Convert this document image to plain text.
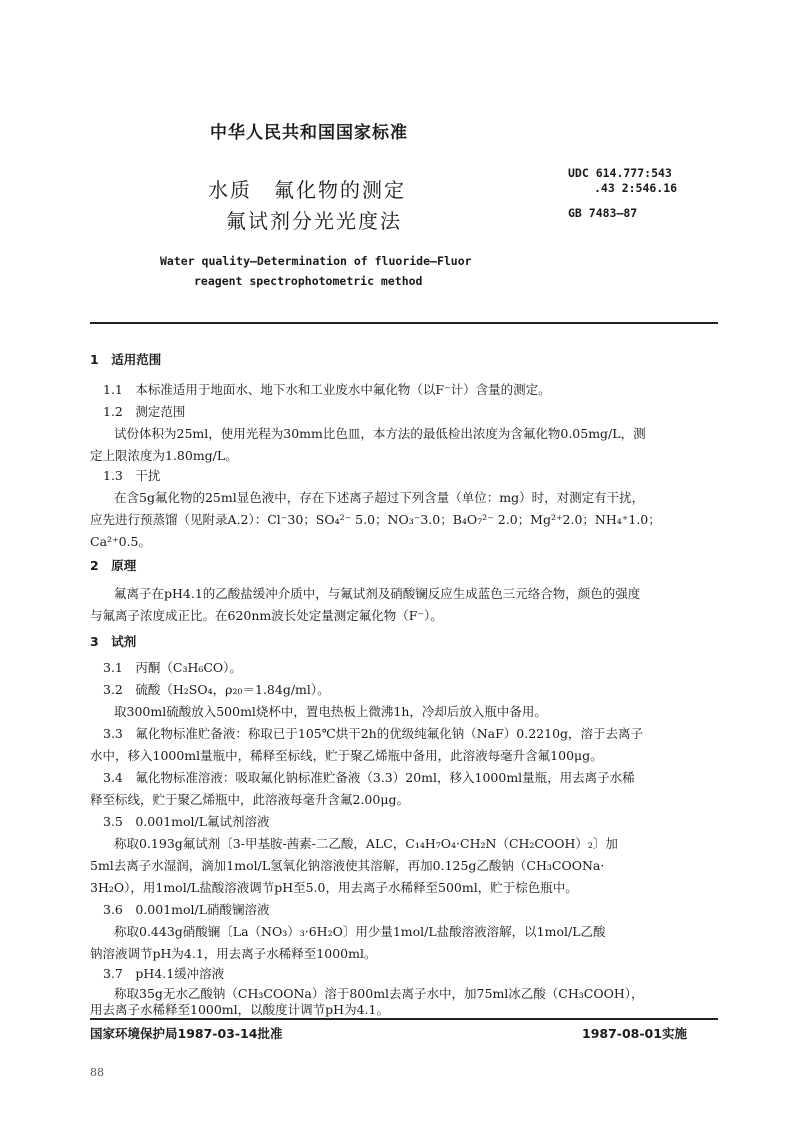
中华人民共和国国家标准
水质　氟化物的测定
氟试剂分光光度法
UDC 614.777:543
.43 2:546.16
GB 7483—87
Water quality—Determination of fluoride—Fluor
reagent spectrophotometric method
1　适用范围
1.1　本标准适用于地面水、地下水和工业废水中氟化物（以F⁻计）含量的测定。
1.2　测定范围
试份体积为25ml，使用光程为30mm比色皿，本方法的最低检出浓度为含氟化物0.05mg/L，测
定上限浓度为1.80mg/L。
1.3　干扰
在含5g氟化物的25ml显色液中，存在下述离子超过下列含量（单位：mg）时，对测定有干扰，
应先进行预蒸馏（见附录A.2）：Cl⁻30；SO₄²⁻ 5.0；NO₃⁻3.0；B₄O₇²⁻ 2.0；Mg²⁺2.0；NH₄⁺1.0；
Ca²⁺0.5。
2　原理
氟离子在pH4.1的乙酸盐缓冲介质中，与氟试剂及硝酸镧反应生成蓝色三元络合物，颜色的强度
与氟离子浓度成正比。在620nm波长处定量测定氟化物（F⁻）。
3　试剂
3.1　丙酮（C₃H₆CO）。
3.2　硫酸（H₂SO₄，ρ₂₀＝1.84g/ml）。
取300ml硫酸放入500ml烧杯中，置电热板上微沸1h，冷却后放入瓶中备用。
3.3　氟化物标准贮备液：称取已于105℃烘干2h的优级纯氟化钠（NaF）0.2210g，溶于去离子
水中，移入1000ml量瓶中，稀释至标线，贮于聚乙烯瓶中备用，此溶液每毫升含氟100μg。
3.4　氟化物标准溶液：吸取氟化钠标准贮备液（3.3）20ml，移入1000ml量瓶，用去离子水稀
释至标线，贮于聚乙烯瓶中，此溶液每毫升含氟2.00μg。
3.5　0.001mol/L氟试剂溶液
称取0.193g氟试剂〔3-甲基胺-茜素-二乙酸，ALC，C₁₄H₇O₄·CH₂N（CH₂COOH）₂〕加
5ml去离子水湿润，滴加1mol/L氢氧化钠溶液使其溶解，再加0.125g乙酸钠（CH₃COONa·
3H₂O），用1mol/L盐酸溶液调节pH至5.0，用去离子水稀释至500ml，贮于棕色瓶中。
3.6　0.001mol/L硝酸镧溶液
称取0.443g硝酸镧〔La（NO₃）₃·6H₂O〕用少量1mol/L盐酸溶液溶解，以1mol/L乙酸
钠溶液调节pH为4.1，用去离子水稀释至1000ml。
3.7　pH4.1缓冲溶液
称取35g无水乙酸钠（CH₃COONa）溶于800ml去离子水中，加75ml冰乙酸（CH₃COOH），
国家环境保护局1987-03-14批准	1987-08-01实施
88
用去离子水稀释至1000ml，以酸度计调节pH为4.1。
